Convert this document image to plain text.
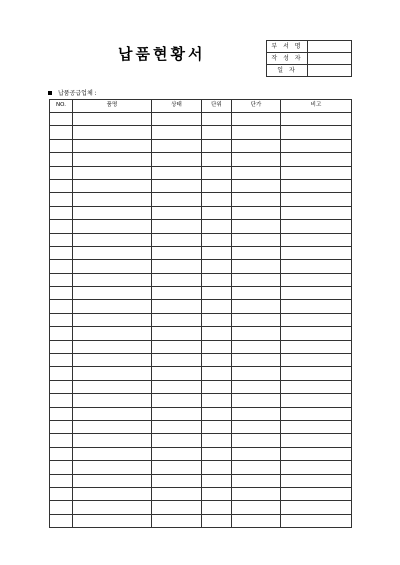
납품현황서	부 서 명	
작 성 자	
일 자	
납품공급업체 :
NO.	품명	상태	단위	단가	비고
